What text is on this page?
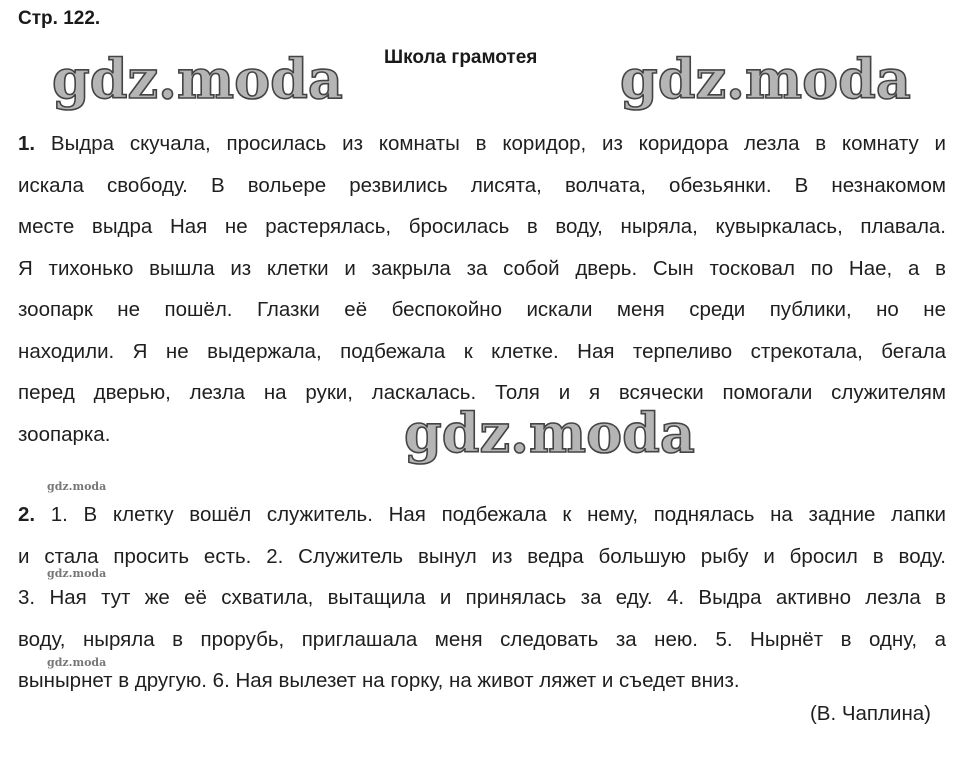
Стр. 122.
Школа грамотея
gdz.moda	gdz.moda
gdz.moda
gdz.moda
gdz.moda
gdz.moda
1. Выдра скучала, просилась из комнаты в коридор, из коридора лезла в комнату и
искала свободу. В вольере резвились лисята, волчата, обезьянки. В незнакомом
месте выдра Ная не растерялась, бросилась в воду, ныряла, кувыркалась, плавала.
Я тихонько вышла из клетки и закрыла за собой дверь. Сын тосковал по Нае, а в
зоопарк не пошёл. Глазки её беспокойно искали меня среди публики, но не
находили. Я не выдержала, подбежала к клетке. Ная терпеливо стрекотала, бегала
перед дверью, лезла на руки, ласкалась. Толя и я всячески помогали служителям
зоопарка.
2. 1. В клетку вошёл служитель. Ная подбежала к нему, поднялась на задние лапки
и стала просить есть. 2. Служитель вынул из ведра большую рыбу и бросил в воду.
3. Ная тут же её схватила, вытащила и принялась за еду. 4. Выдра активно лезла в
воду, ныряла в прорубь, приглашала меня следовать за нею. 5. Нырнёт в одну, а
вынырнет в другую. 6. Ная вылезет на горку, на живот ляжет и съедет вниз.
(В. Чаплина)
